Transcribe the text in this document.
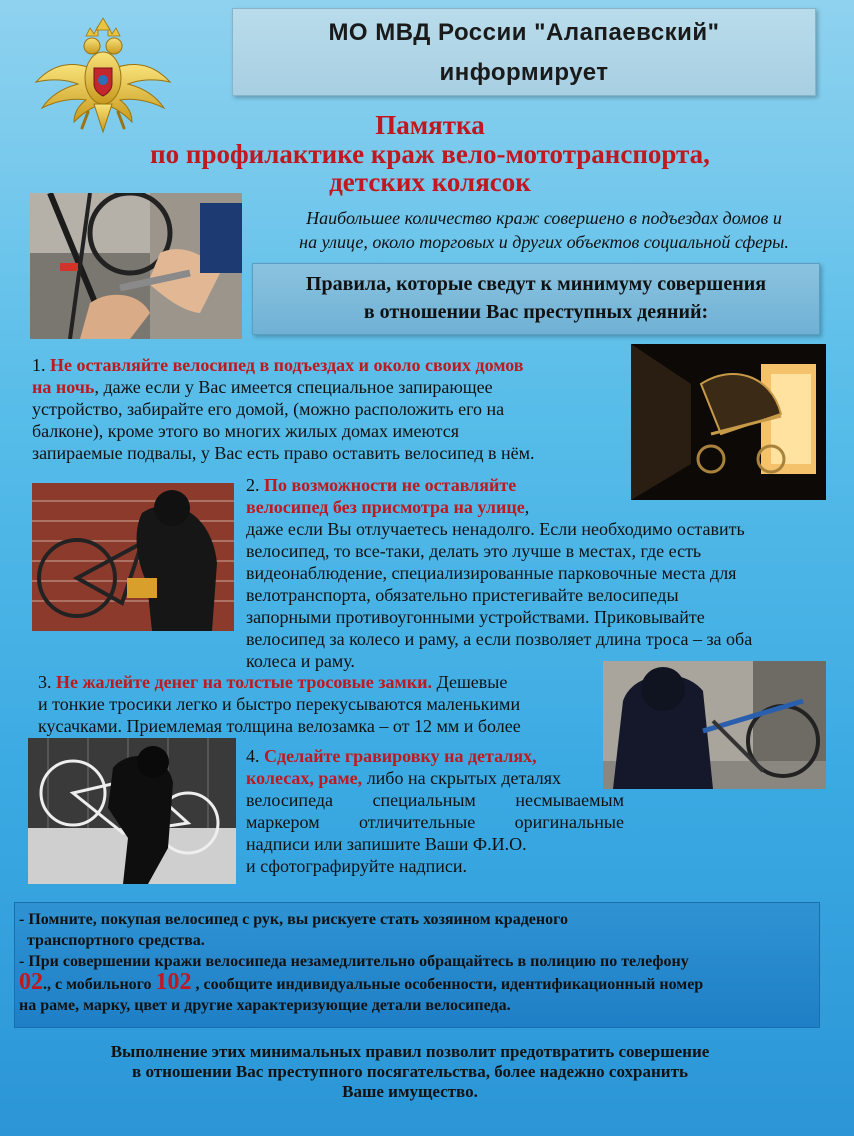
МО МВД России "Алапаевский"
информирует
Памятка
по профилактике краж вело-мототранспорта,
детских колясок
Наибольшее количество краж совершено в подъездах домов и
на улице, около торговых и других объектов социальной сферы.
Правила, которые сведут к минимуму совершения
в отношении Вас преступных деяний:
1. Не оставляйте велосипед в подъездах и около своих домов
на ночь, даже если у Вас имеется специальное запирающее
устройство, забирайте его домой, (можно расположить его на
балконе), кроме этого во многих жилых домах имеются
запираемые подвалы, у Вас есть право оставить велосипед в нём.
2. По возможности не оставляйте
велосипед без присмотра на улице,
даже если Вы отлучаетесь ненадолго. Если необходимо оставить
велосипед, то все-таки, делать это лучше в местах, где есть
видеонаблюдение, специализированные парковочные места для
велотранспорта, обязательно пристегивайте велосипеды
запорными противоугонными устройствами. Приковывайте
велосипед за колесо и раму, а если позволяет длина троса – за оба
колеса и раму.
3. Не жалейте денег на толстые тросовые замки. Дешевые
и тонкие тросики легко и быстро перекусываются маленькими
кусачками. Приемлемая толщина велозамка – от 12 мм и более
4. Сделайте гравировку на деталях,
колесах, раме, либо на скрытых деталях
велосипеда специальным несмываемым
маркером отличительные оригинальные
надписи или запишите Ваши Ф.И.О.
и сфотографируйте надписи.
- Помните, покупая велосипед с рук, вы рискуете стать хозяином краденого
транспортного средства.
- При совершении кражи велосипеда незамедлительно обращайтесь в полицию по телефону
02., с мобильного 102 , сообщите индивидуальные особенности, идентификационный номер
на раме, марку, цвет и другие характеризующие детали велосипеда.
Выполнение этих минимальных правил позволит предотвратить совершение
в отношении Вас преступного посягательства, более надежно сохранить
Ваше имущество.
